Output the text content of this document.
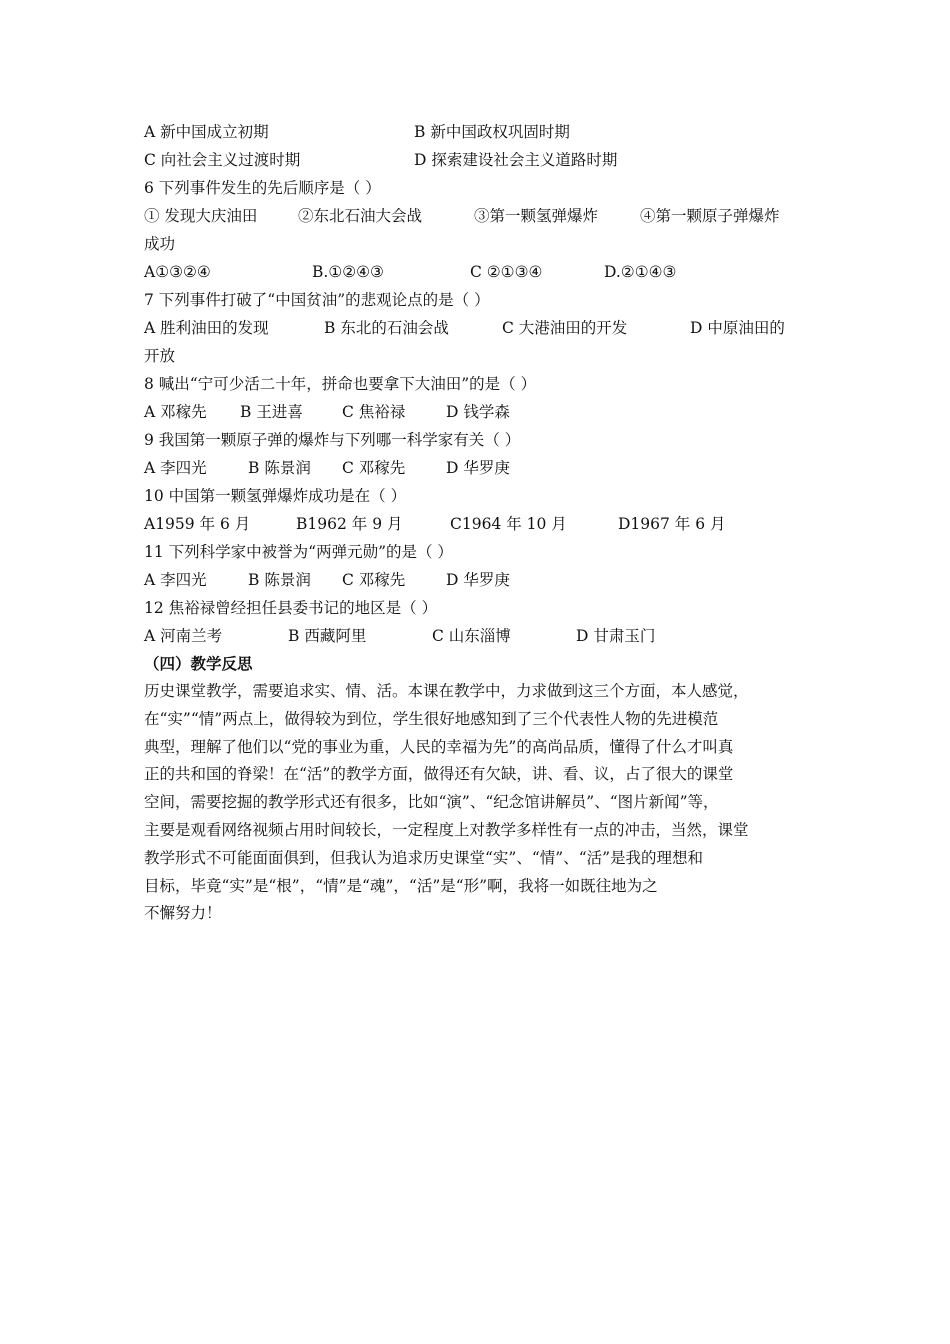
A 新中国成立初期	B 新中国政权巩固时期
C 向社会主义过渡时期	D 探索建设社会主义道路时期
6 下列事件发生的先后顺序是（ ）
① 发现大庆油田	②东北石油大会战	③第一颗氢弹爆炸	④第一颗原子弹爆炸
成功
A①③②④	B.①②④③	C ②①③④	D.②①④③
7 下列事件打破了“中国贫油”的悲观论点的是（ ）
A 胜利油田的发现	B 东北的石油会战	C 大港油田的开发	D 中原油田的
开放
8 喊出“宁可少活二十年，拼命也要拿下大油田”的是（ ）
A 邓稼先 B 王进喜	C 焦裕禄	D 钱学森
9 我国第一颗原子弹的爆炸与下列哪一科学家有关（ ）
A 李四光	B 陈景润 C 邓稼先	D 华罗庚
10 中国第一颗氢弹爆炸成功是在（ ）
A1959 年 6 月	B1962 年 9 月	C1964 年 10 月	D1967 年 6 月
11 下列科学家中被誉为“两弹元勋”的是（ ）
A 李四光	B 陈景润 C 邓稼先	D 华罗庚
12 焦裕禄曾经担任县委书记的地区是（ ）
A 河南兰考	B 西藏阿里	C 山东淄博	D 甘肃玉门
（四）教学反思
历史课堂教学，需要追求实、情、活。本课在教学中，力求做到这三个方面，本人感觉，
在“实”“情”两点上，做得较为到位，学生很好地感知到了三个代表性人物的先进模范
典型，理解了他们以“党的事业为重，人民的幸福为先”的高尚品质，懂得了什么才叫真
正的共和国的脊梁！在“活”的教学方面，做得还有欠缺，讲、看、议，占了很大的课堂
空间，需要挖掘的教学形式还有很多，比如“演”、“纪念馆讲解员”、“图片新闻”等，
主要是观看网络视频占用时间较长，一定程度上对教学多样性有一点的冲击，当然，课堂
教学形式不可能面面俱到，但我认为追求历史课堂“实”、“情”、“活”是我的理想和
目标，毕竟“实”是“根”，“情”是“魂”，“活”是“形”啊，我将一如既往地为之
不懈努力！
